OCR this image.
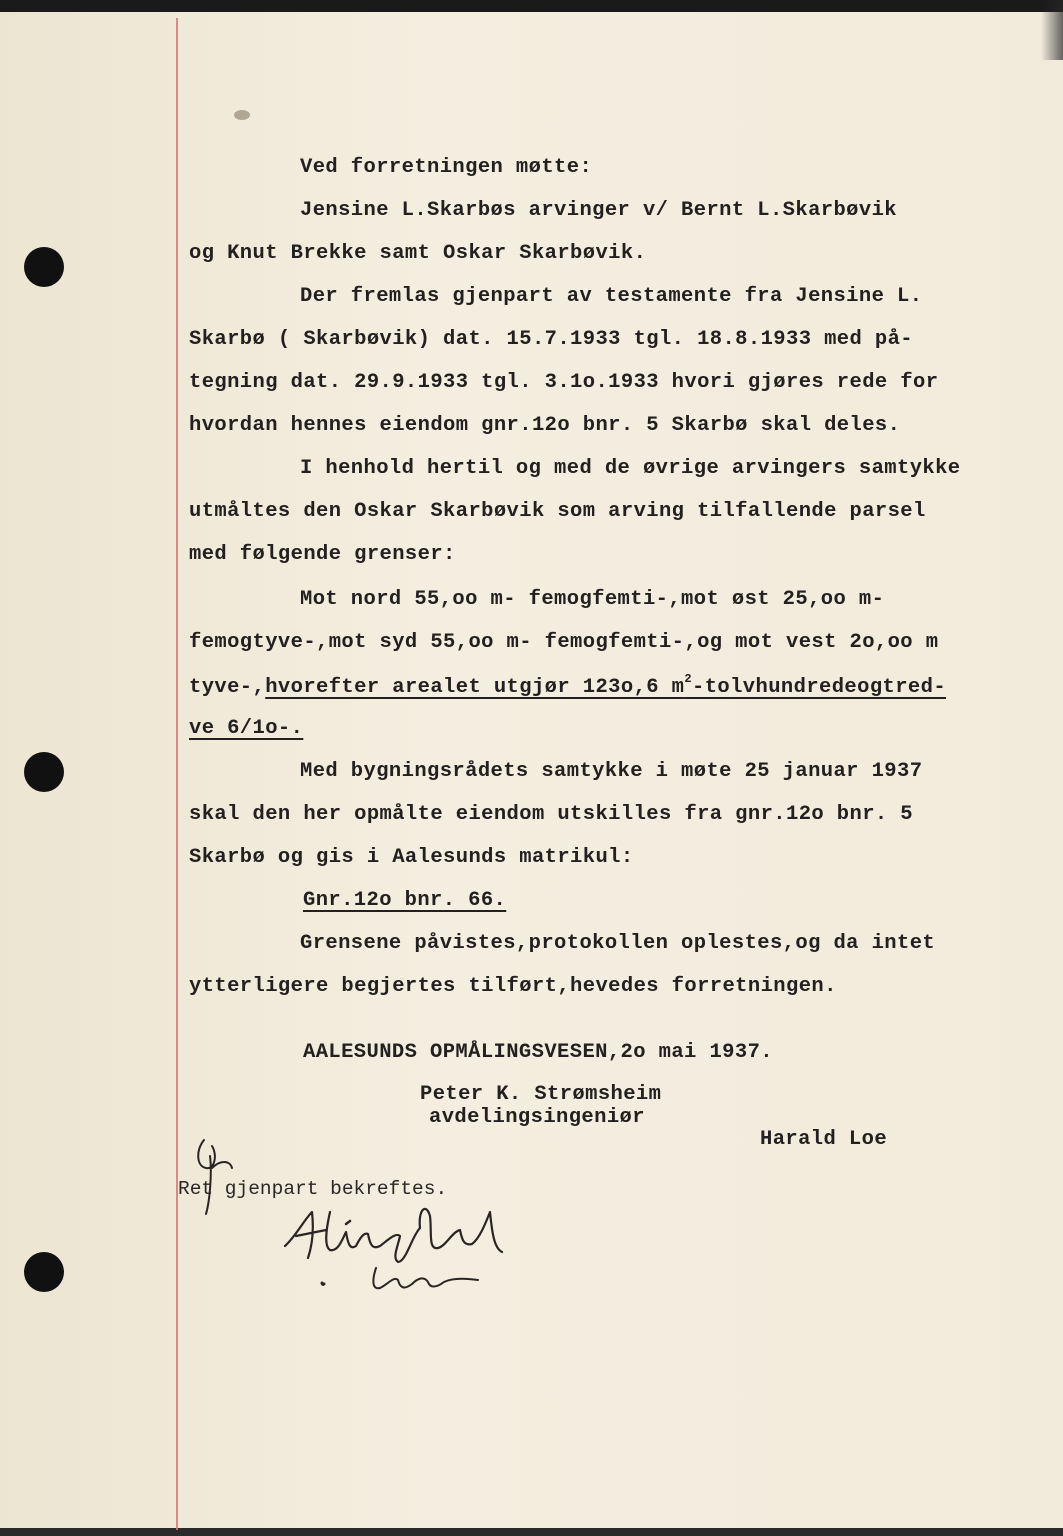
Ved forretningen møtte:
Jensine L.Skarbøs arvinger v/ Bernt L.Skarbøvik
og Knut Brekke samt Oskar Skarbøvik.
Der fremlas gjenpart av testamente fra Jensine L.
Skarbø ( Skarbøvik) dat. 15.7.1933 tgl. 18.8.1933 med på-
tegning dat. 29.9.1933 tgl. 3.1o.1933 hvori gjøres rede for
hvordan hennes eiendom gnr.12o bnr. 5 Skarbø skal deles.
I henhold hertil og med de øvrige arvingers samtykke
utmåltes den Oskar Skarbøvik som arving tilfallende parsel
med følgende grenser:
Mot nord 55,oo m- femogfemti-,mot øst 25,oo m-
femogtyve-,mot syd 55,oo m- femogfemti-,og mot vest 2o,oo m
tyve-,hvorefter arealet utgjør 123o,6 $m^2-tolvhundredeogtred-$
ve 6/1o-.
Med bygningsrådets samtykke i møte 25 januar 1937
skal den her opmålte eiendom utskilles fra gnr.12o bnr. 5
Skarbø og gis i Aalesunds matrikul:
Gnr.12o bnr. 66.
Grensene påvistes,protokollen oplestes,og da intet
ytterligere begjertes tilført,hevedes forretningen.
AALESUNDS OPMÅLINGSVESEN,2o mai 1937.
Peter K. Strømsheim
avdelingsingeniør
Harald Loe
Ret gjenpart bekreftes.
